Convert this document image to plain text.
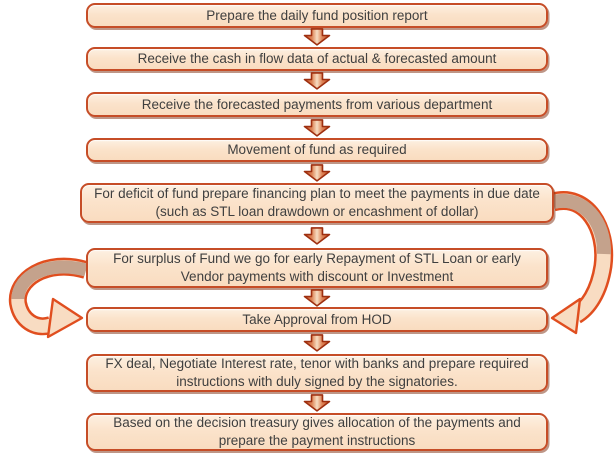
Prepare the daily fund position report
Receive the cash in flow data of actual & forecasted amount
Receive the forecasted payments from various department
Movement of fund as required
For deficit of fund prepare financing plan to meet the payments in due date (such as STL loan drawdown or encashment of dollar)
For surplus of Fund we go for early Repayment of STL Loan or early Vendor payments with discount or Investment
Take Approval from HOD
FX deal, Negotiate Interest rate, tenor with banks and prepare required instructions with duly signed by the signatories.
Based on the decision treasury gives allocation of the payments and prepare the payment instructions
